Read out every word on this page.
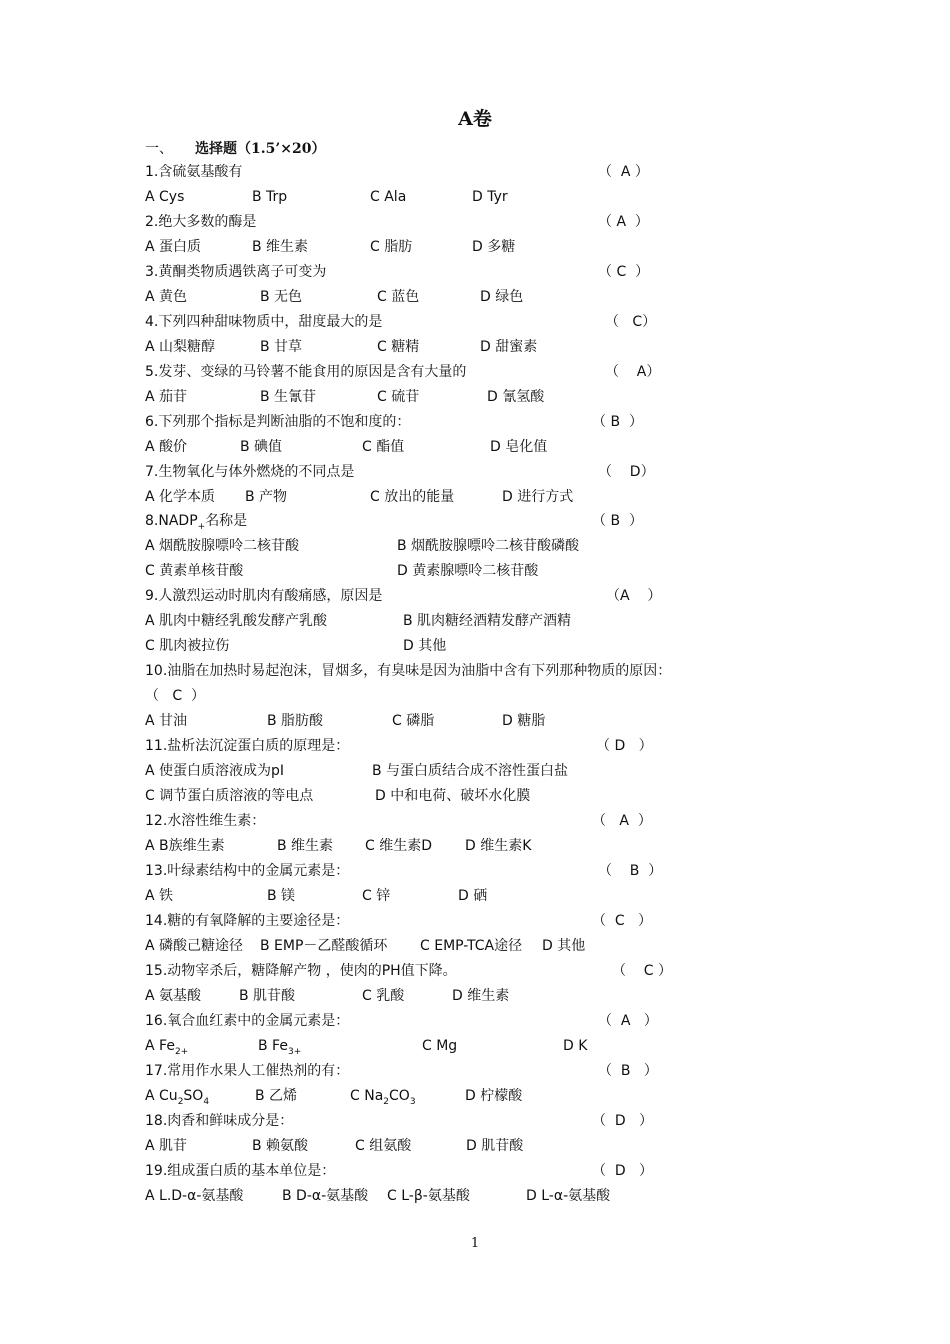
A卷
一、 选择题（1.5’×20）
1.含硫氨基酸有	（  A ）
A Cys	B Trp	C Ala	D Tyr
2.绝大多数的酶是	（ A  ）
A 蛋白质	B 维生素	C 脂肪	D 多糖
3.黄酮类物质遇铁离子可变为	（ C  ）
A 黄色	B 无色	C 蓝色	D 绿色
4.下列四种甜味物质中，甜度最大的是	（   C）
A 山梨糖醇	B 甘草	C 糖精	D 甜蜜素
5.发芽、变绿的马铃薯不能食用的原因是含有大量的	（    A）
A 茄苷	B 生氰苷	C 硫苷	D 氰氢酸
6.下列那个指标是判断油脂的不饱和度的：	（ B  ）
A 酸价	B 碘值	C 酯值	D 皂化值
7.生物氧化与体外燃烧的不同点是	（    D）
A 化学本质 B 产物	C 放出的能量	D 进行方式
$8.NADP_+$名称是	（ B  ）
A 烟酰胺腺嘌呤二核苷酸	B 烟酰胺腺嘌呤二核苷酸磷酸
C 黄素单核苷酸	D 黄素腺嘌呤二核苷酸
9.人激烈运动时肌肉有酸痛感，原因是	（A    ）
A 肌肉中糖经乳酸发酵产乳酸	B 肌肉糖经酒精发酵产酒精
C 肌肉被拉伤	D 其他
10.油脂在加热时易起泡沫，冒烟多，有臭味是因为油脂中含有下列那种物质的原因：
（   C  ）
A 甘油	B 脂肪酸	C 磷脂	D 糖脂
11.盐析法沉淀蛋白质的原理是：	（ D   ）
A 使蛋白质溶液成为pI	B 与蛋白质结合成不溶性蛋白盐
C 调节蛋白质溶液的等电点	D 中和电荷、破坏水化膜
12.水溶性维生素：	（   A  ）
A B族维生素	B 维生素 C 维生素D D 维生素K
13.叶绿素结构中的金属元素是：	（    B  ）
A 铁	B 镁	C 锌	D 硒
14.糖的有氧降解的主要途径是：	（  C   ）
A 磷酸己糖途径 B EMP－乙醛酸循环 C EMP-TCA途径 D 其他
15.动物宰杀后，糖降解产物 ，使肉的PH值下降。	（    C ）
A 氨基酸	B 肌苷酸	C 乳酸	D 维生素
16.氧合血红素中的金属元素是：	（  A   ）
A $Fe_{2+}$	B $Fe_{3+}$	C Mg	D K
17.常用作水果人工催热剂的有：	（  B   ）
A $Cu_2SO_4$	B 乙烯	C $Na_2CO_3$	D 柠檬酸
18.肉香和鲜味成分是：	（  D   ）
A 肌苷	B 赖氨酸	C 组氨酸	D 肌苷酸
19.组成蛋白质的基本单位是：	（  D   ）
A L.D-α-氨基酸	B D-α-氨基酸 C L-β-氨基酸	D L-α-氨基酸
1
